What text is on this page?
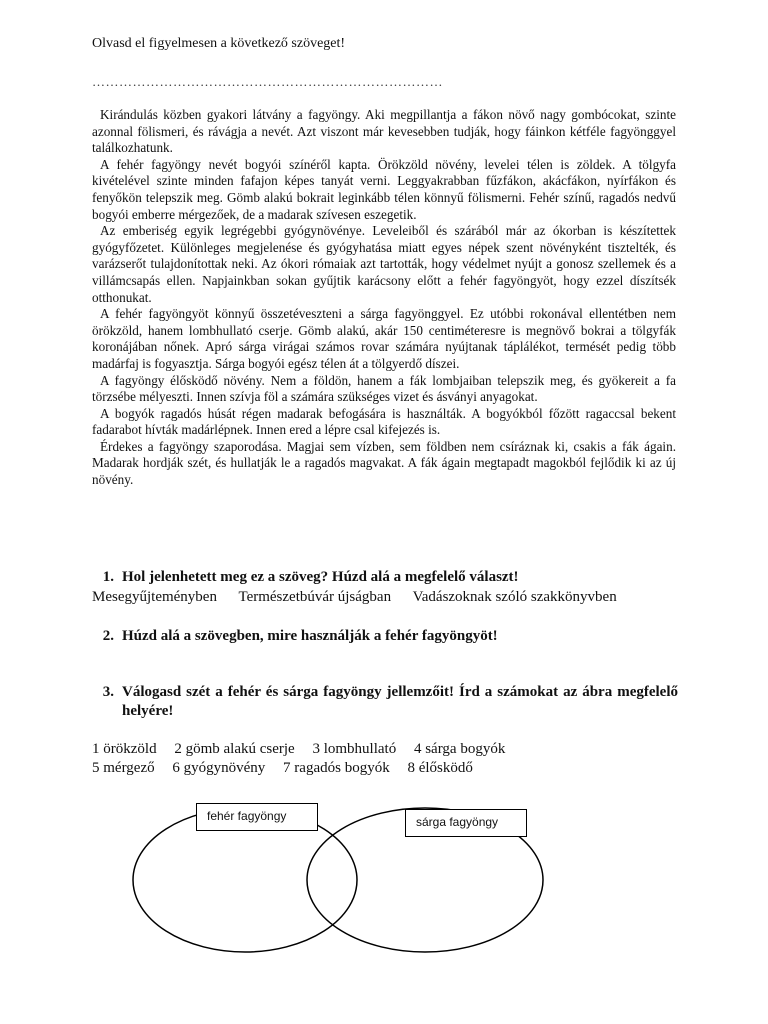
Olvasd el figyelmesen a következő szöveget!
……………………………………………………………………

Kirándulás közben gyakori látvány a fagyöngy. Aki megpillantja a fákon növő nagy gombócokat, szinte azonnal fölismeri, és rávágja a nevét. Azt viszont már kevesebben tudják, hogy fáinkon kétféle fagyönggyel találkozhatunk.

A fehér fagyöngy nevét bogyói színéről kapta. Örökzöld növény, levelei télen is zöldek. A tölgyfa kivételével szinte minden fafajon képes tanyát verni. Leggyakrabban fűzfákon, akácfákon, nyírfákon és fenyőkön telepszik meg. Gömb alakú bokrait leginkább télen könnyű fölismerni. Fehér színű, ragadós nedvű bogyói emberre mérgezőek, de a madarak szívesen eszegetik.

Az emberiség egyik legrégebbi gyógynövénye. Leveleiből és szárából már az ókorban is készítettek gyógyfőzetet. Különleges megjelenése és gyógyhatása miatt egyes népek szent növényként tisztelték, és varázserőt tulajdonítottak neki. Az ókori rómaiak azt tartották, hogy védelmet nyújt a gonosz szellemek és a villámcsapás ellen. Napjainkban sokan gyűjtik karácsony előtt a fehér fagyöngyöt, hogy ezzel díszítsék otthonukat.

A fehér fagyöngyöt könnyű összetéveszteni a sárga fagyönggyel. Ez utóbbi rokonával ellentétben nem örökzöld, hanem lombhullató cserje. Gömb alakú, akár 150 centiméteresre is megnövő bokrai a tölgyfák koronájában nőnek. Apró sárga virágai számos rovar számára nyújtanak táplálékot, termését pedig több madárfaj is fogyasztja. Sárga bogyói egész télen át a tölgyerdő díszei.

A fagyöngy élősködő növény. Nem a földön, hanem a fák lombjaiban telepszik meg, és gyökereit a fa törzsébe mélyeszti. Innen szívja föl a számára szükséges vizet és ásványi anyagokat.

A bogyók ragadós húsát régen madarak befogására is használták. A bogyókból főzött ragaccsal bekent fadarabot hívták madárlépnek. Innen ered a lépre csal kifejezés is.

Érdekes a fagyöngy szaporodása. Magjai sem vízben, sem földben nem csíráznak ki, csakis a fák ágain. Madarak hordják szét, és hullatják le a ragadós magvakat. A fák ágain megtapadt magokból fejlődik ki az új növény.

1. Hol jelenhetett meg ez a szöveg? Húzd alá a megfelelő választ!
Mesegyűjteményben Természetbúvár újságban Vadászoknak szóló szakkönyvben
2. Húzd alá a szövegben, mire használják a fehér fagyöngyöt!
3. Válogasd szét a fehér és sárga fagyöngy jellemzőit! Írd a számokat az ábra megfelelő helyére!
1 örökzöld 2 gömb alakú cserje 3 lombhullató 4 sárga bogyók
5 mérgező 6 gyógynövény 7 ragadós bogyók 8 élősködő
fehér fagyöngy	sárga fagyöngy
